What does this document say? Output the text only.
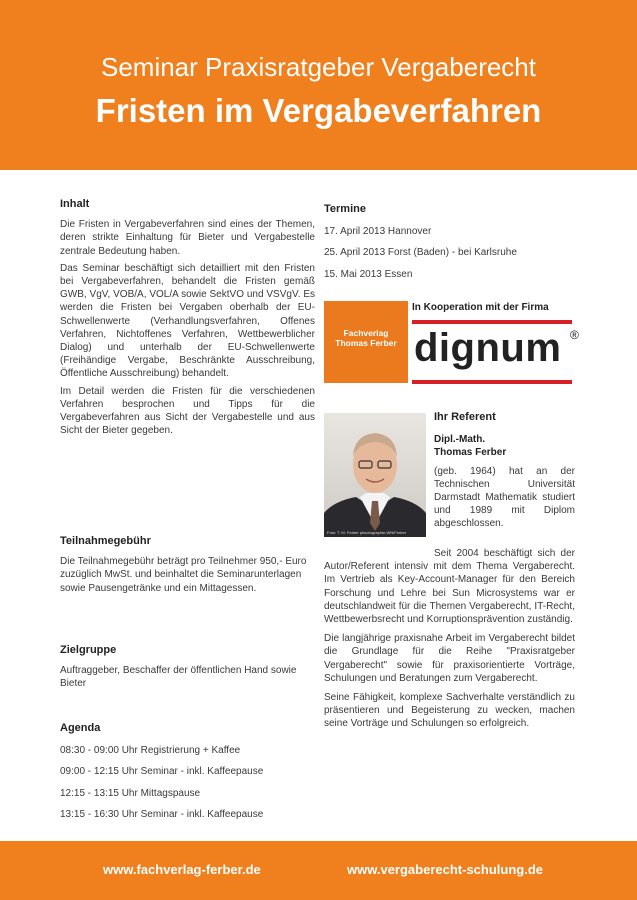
Seminar Praxisratgeber Vergaberecht
Fristen im Vergabeverfahren
Inhalt

Die Fristen in Vergabeverfahren sind eines der Themen, deren strikte Einhaltung für Bieter und Vergabestelle zentrale Bedeutung haben.

Das Seminar beschäftigt sich detailliert mit den Fristen bei Vergabeverfahren, behandelt die Fristen gemäß GWB, VgV, VOB/A, VOL/A sowie SektVO und VSVgV. Es werden die Fristen bei Vergaben oberhalb der EU-Schwellenwerte (Verhandlungsverfahren, Offenes Verfahren, Nichtoffenes Verfahren, Wettbewerblicher Dialog) und unterhalb der EU-Schwellenwerte (Freihändige Vergabe, Beschränkte Ausschreibung, Öffentliche Ausschreibung) behandelt.

Im Detail werden die Fristen für die verschiedenen Verfahren besprochen und Tipps für die Vergabeverfahren aus Sicht der Vergabestelle und aus Sicht der Bieter gegeben.

Teilnahmegebühr

Die Teilnahmegebühr beträgt pro Teilnehmer 950,- Euro zuzüglich MwSt. und beinhaltet die Seminarunterlagen sowie Pausengetränke und ein Mittagessen.

Zielgruppe

Auftraggeber, Beschaffer der öffentlichen Hand sowie Bieter

Agenda
08:30 - 09:00 Uhr Registrierung + Kaffee
09:00 - 12:15 Uhr Seminar - inkl. Kaffeepause
12:15 - 13:15 Uhr Mittagspause
13:15 - 16:30 Uhr Seminar - inkl. Kaffeepause
Termine
17. April 2013 Hannover
25. April 2013 Forst (Baden) - bei Karlsruhe
15. Mai 2013 Essen
Fachverlag
Thomas Ferber
In Kooperation mit der Firma
dignum ®
Foto: T. M. Ferber phsotographie-WN/Ferber
Ihr Referent
Dipl.-Math.
Thomas Ferber

(geb. 1964) hat an der Technischen Universität Darmstadt Mathematik studiert und 1989 mit Diplom abgeschlossen.

Seit 2004 beschäftigt sich der Autor/Referent intensiv mit dem Thema Vergaberecht. Im Vertrieb als Key-Account-Manager für den Bereich Forschung und Lehre bei Sun Microsystems war er deutschlandweit für die Themen Vergaberecht, IT-Recht, Wettbewerbsrecht und Korruptionsprävention zuständig.

Die langjährige praxisnahe Arbeit im Vergaberecht bildet die Grundlage für die Reihe "Praxisratgeber Vergaberecht" sowie für praxisorientierte Vorträge, Schulungen und Beratungen zum Vergaberecht.

Seine Fähigkeit, komplexe Sachverhalte verständlich zu präsentieren und Begeisterung zu wecken, machen seine Vorträge und Schulungen so erfolgreich.

www.fachverlag-ferber.de	www.vergaberecht-schulung.de
